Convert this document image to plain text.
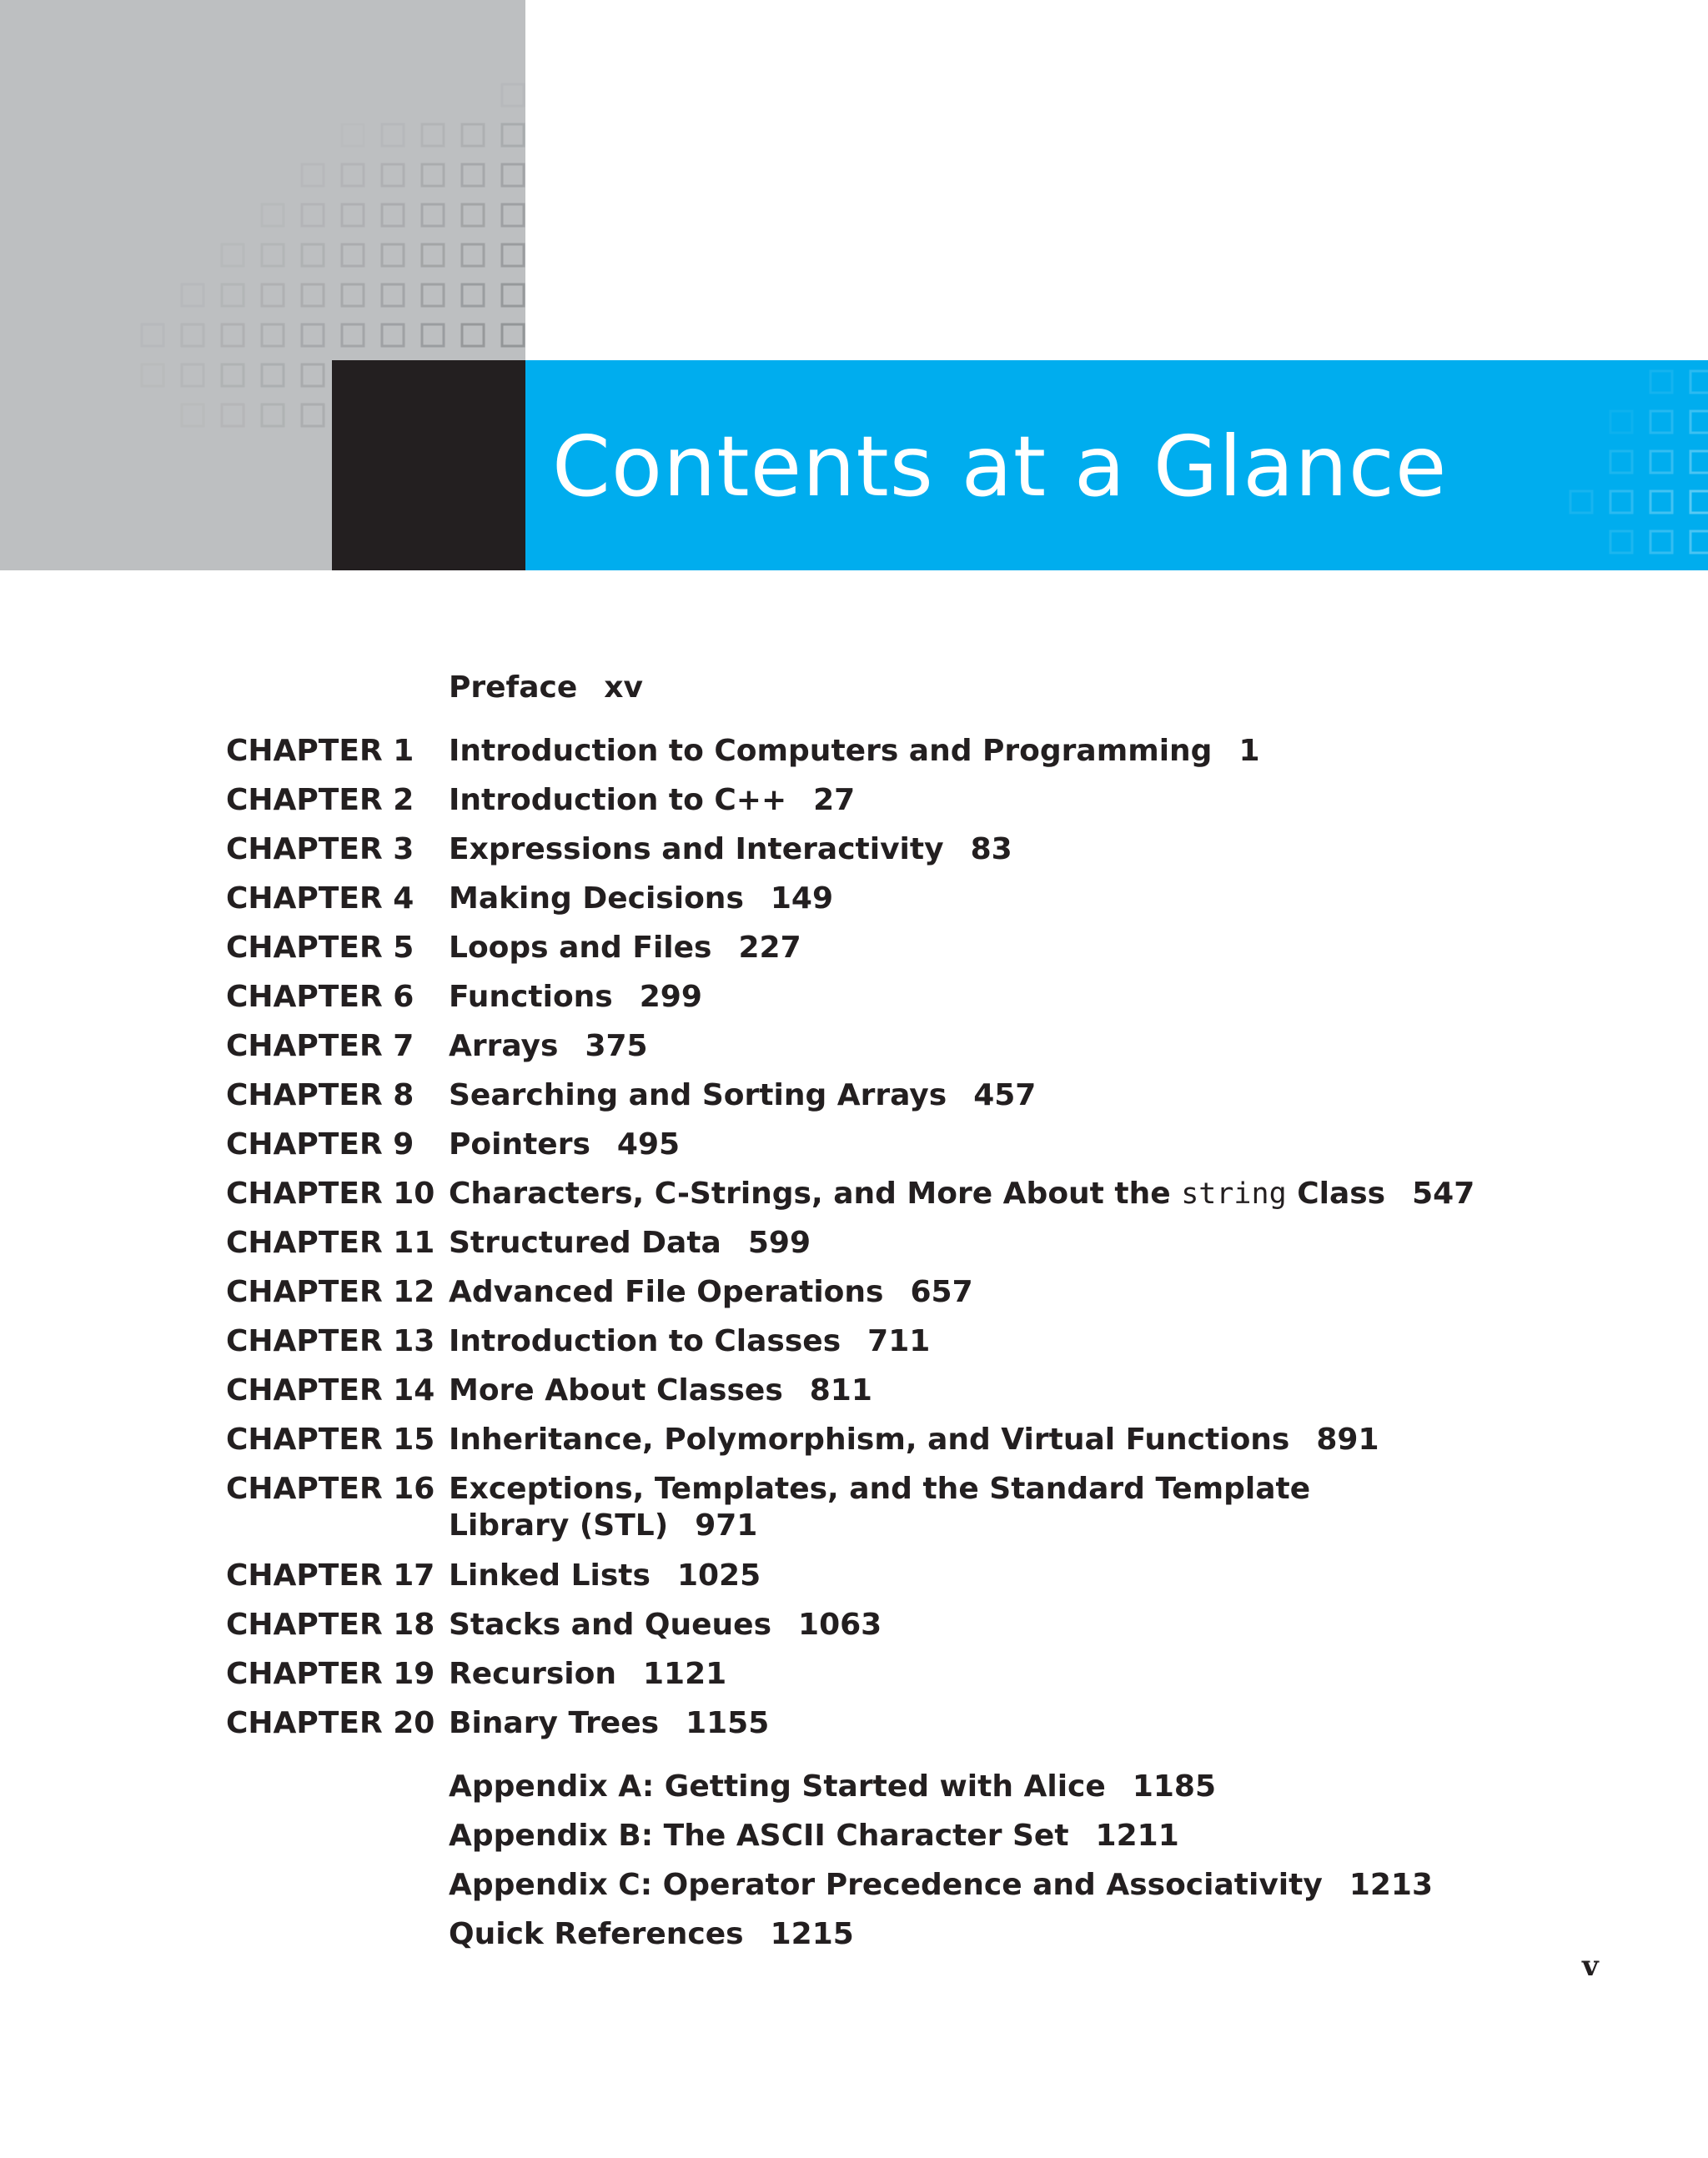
Contents at a Glance
Preface xv
CHAPTER 1 Introduction to Computers and Programming 1
CHAPTER 2 Introduction to C++ 27
CHAPTER 3 Expressions and Interactivity 83
CHAPTER 4 Making Decisions 149
CHAPTER 5 Loops and Files 227
CHAPTER 6 Functions 299
CHAPTER 7 Arrays 375
CHAPTER 8 Searching and Sorting Arrays 457
CHAPTER 9 Pointers 495
CHAPTER 10 Characters, C-Strings, and More About the string Class 547
CHAPTER 11 Structured Data 599
CHAPTER 12 Advanced File Operations 657
CHAPTER 13 Introduction to Classes 711
CHAPTER 14 More About Classes 811
CHAPTER 15 Inheritance, Polymorphism, and Virtual Functions 891
CHAPTER 16 Exceptions, Templates, and the Standard Template
Library (STL) 971
CHAPTER 17 Linked Lists 1025
CHAPTER 18 Stacks and Queues 1063
CHAPTER 19 Recursion 1121
CHAPTER 20 Binary Trees 1155
Appendix A: Getting Started with Alice 1185
Appendix B: The ASCII Character Set 1211
Appendix C: Operator Precedence and Associativity 1213
Quick References 1215
v
